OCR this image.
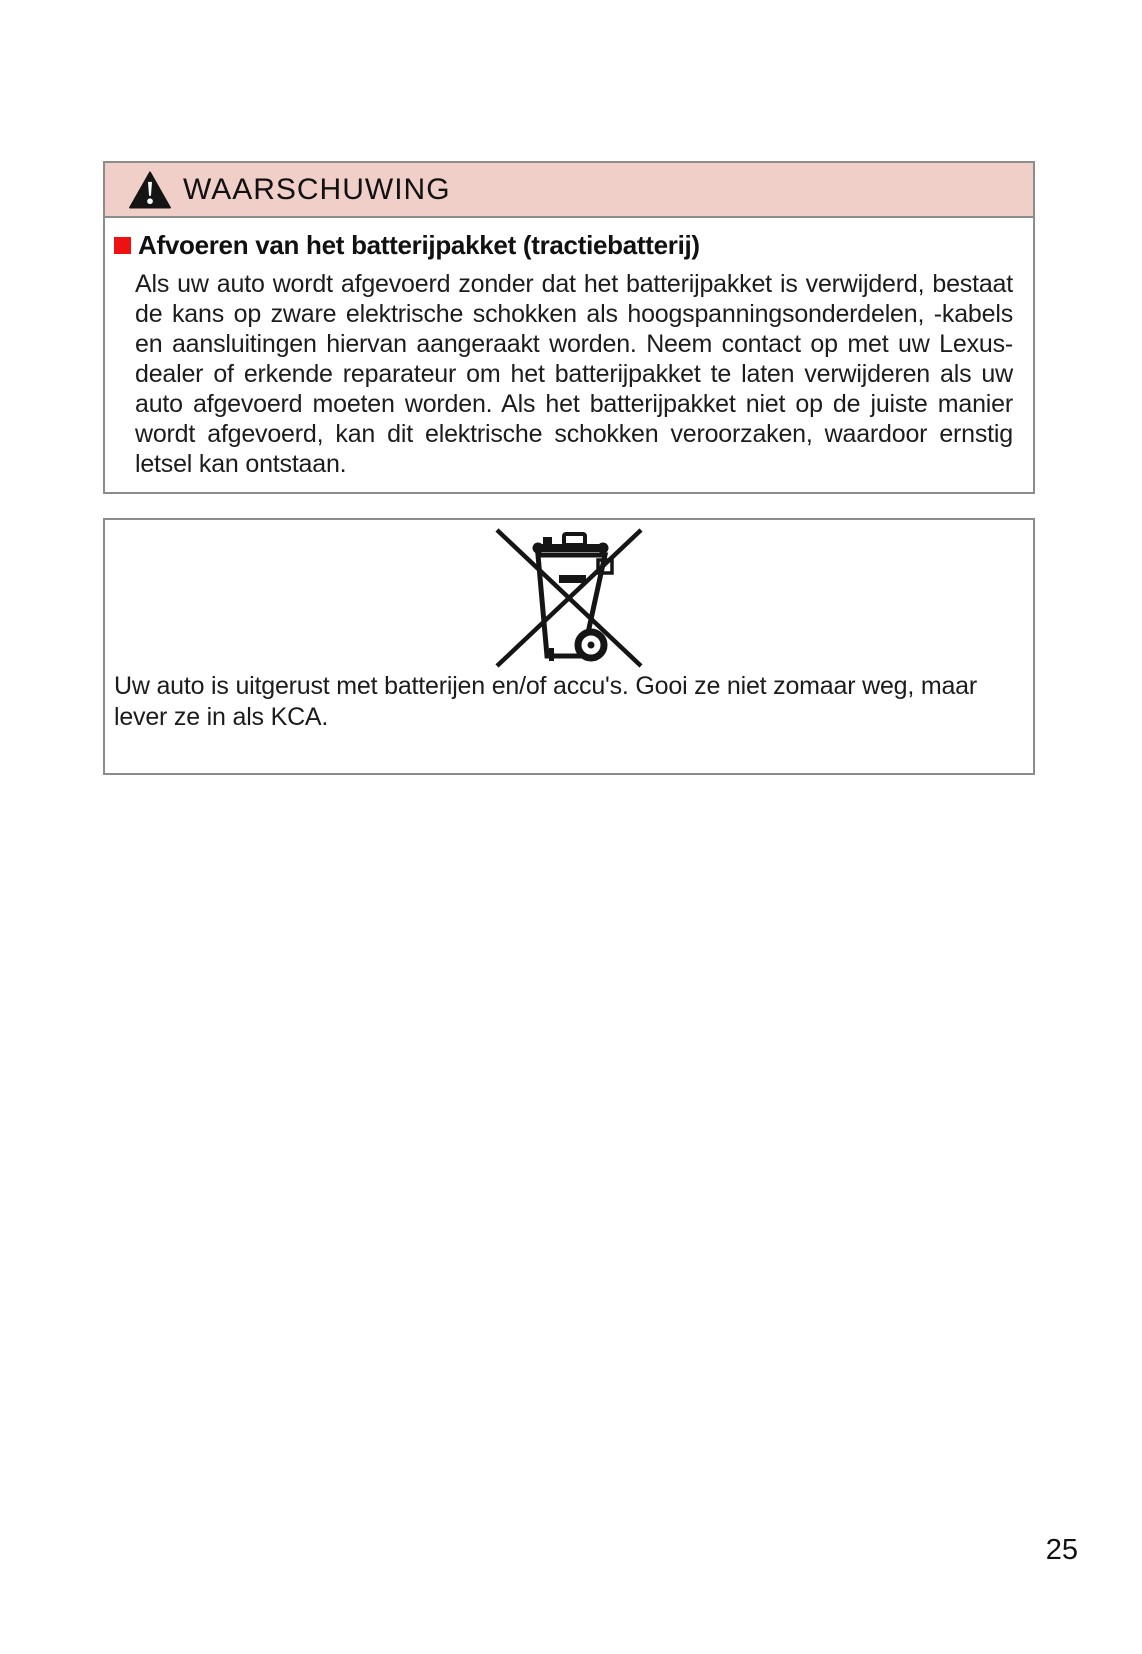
WAARSCHUWING
Afvoeren van het batterijpakket (tractiebatterij)

Als uw auto wordt afgevoerd zonder dat het batterijpakket is verwijderd, bestaat de kans op zware elektrische schokken als hoogspanningsonderdelen, -kabels en aansluitingen hiervan aangeraakt worden. Neem contact op met uw Lexus-dealer of erkende reparateur om het batterijpakket te laten verwijderen als uw auto afgevoerd moeten worden. Als het batterijpakket niet op de juiste manier wordt afgevoerd, kan dit elektrische schokken veroorzaken, waardoor ernstig letsel kan ontstaan.

Uw auto is uitgerust met batterijen en/of accu's. Gooi ze niet zomaar weg, maar lever ze in als KCA.

25
